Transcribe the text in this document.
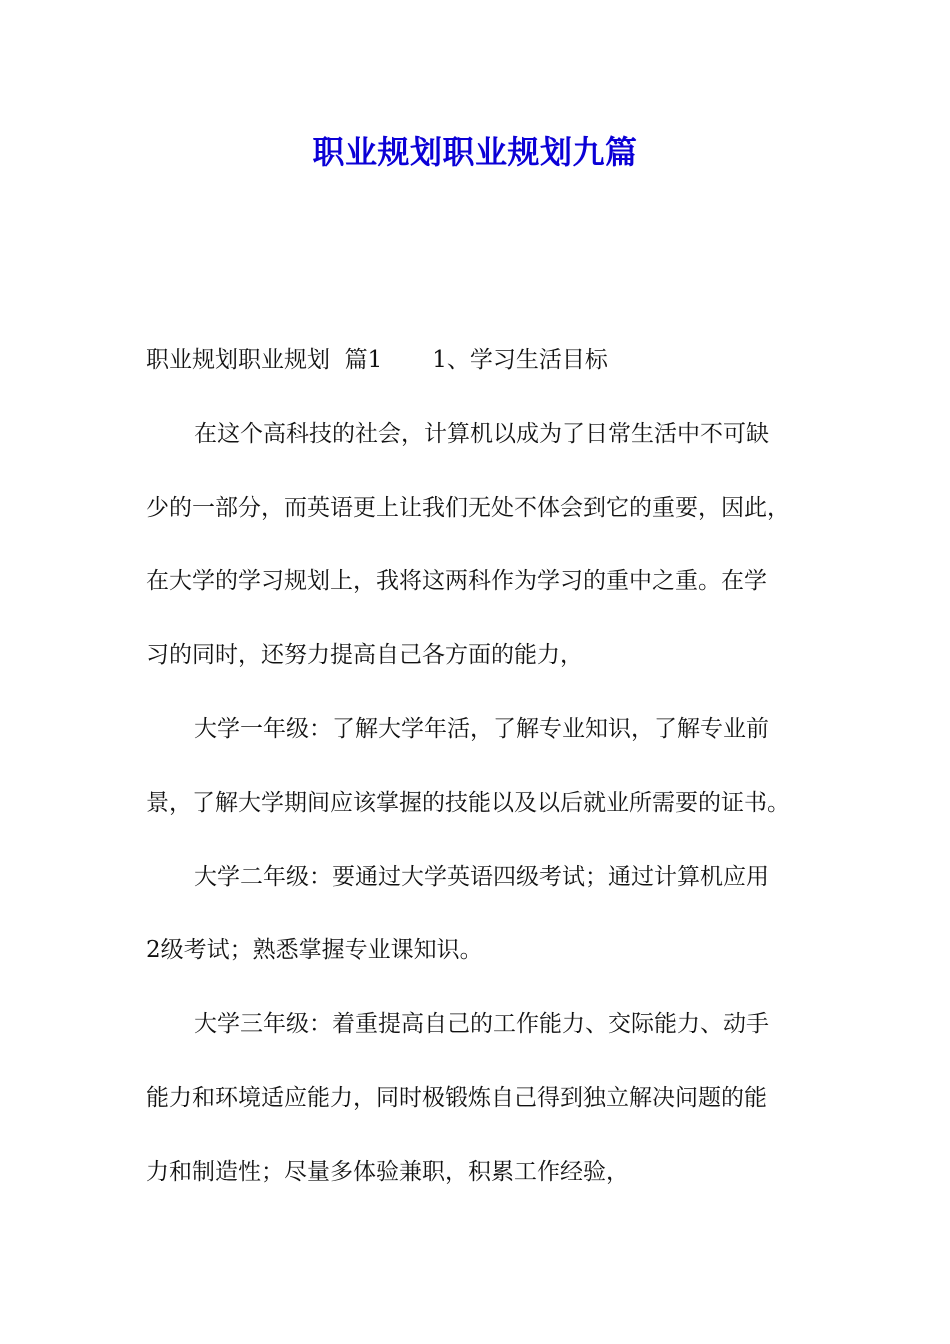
职业规划职业规划九篇
职业规划职业规划  篇1 1、学习生活目标
在这个高科技的社会，计算机以成为了日常生活中不可缺
少的一部分，而英语更上让我们无处不体会到它的重要，因此，
在大学的学习规划上，我将这两科作为学习的重中之重。在学
习的同时，还努力提高自己各方面的能力，
大学一年级：了解大学年活，了解专业知识，了解专业前
景，了解大学期间应该掌握的技能以及以后就业所需要的证书。
大学二年级：要通过大学英语四级考试；通过计算机应用
2级考试；熟悉掌握专业课知识。
大学三年级：着重提高自己的工作能力、交际能力、动手
能力和环境适应能力，同时极锻炼自己得到独立解决问题的能
力和制造性；尽量多体验兼职，积累工作经验，
